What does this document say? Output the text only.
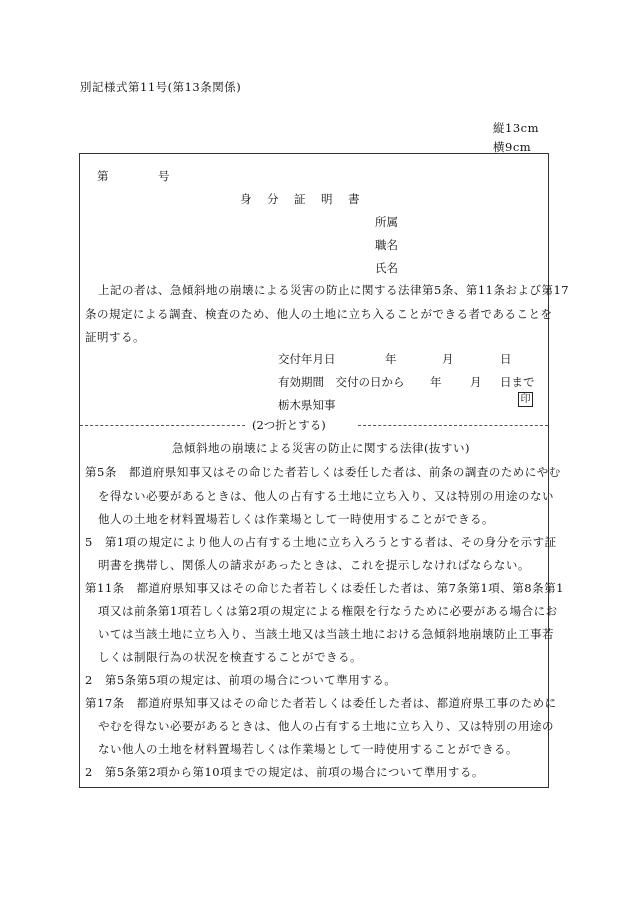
別記様式第11号(第13条関係)
縦13cm
横9cm
第	号
身　分　証　明　書
所属
職名
氏名
上記の者は、急傾斜地の崩壊による災害の防止に関する法律第5条、第11条および第17
条の規定による調査、検査のため、他人の土地に立ち入ることができる者であることを
証明する。
交付年月日	年	月	日
有効期間　交付の日から 年 月 日まで
栃木県知事	印
(2つ折とする)
急傾斜地の崩壊による災害の防止に関する法律(抜すい)
第5条　都道府県知事又はその命じた者若しくは委任した者は、前条の調査のためにやむ
を得ない必要があるときは、他人の占有する土地に立ち入り、又は特別の用途のない
他人の土地を材料置場若しくは作業場として一時使用することができる。
5　第1項の規定により他人の占有する土地に立ち入ろうとする者は、その身分を示す証
明書を携帯し、関係人の請求があったときは、これを提示しなければならない。
第11条　都道府県知事又はその命じた者若しくは委任した者は、第7条第1項、第8条第1
項又は前条第1項若しくは第2項の規定による権限を行なうために必要がある場合にお
いては当該土地に立ち入り、当該土地又は当該土地における急傾斜地崩壊防止工事若
しくは制限行為の状況を検査することができる。
2　第5条第5項の規定は、前項の場合について準用する。
第17条　都道府県知事又はその命じた者若しくは委任した者は、都道府県工事のために
やむを得ない必要があるときは、他人の占有する土地に立ち入り、又は特別の用途の
ない他人の土地を材料置場若しくは作業場として一時使用することができる。
2　第5条第2項から第10項までの規定は、前項の場合について準用する。
